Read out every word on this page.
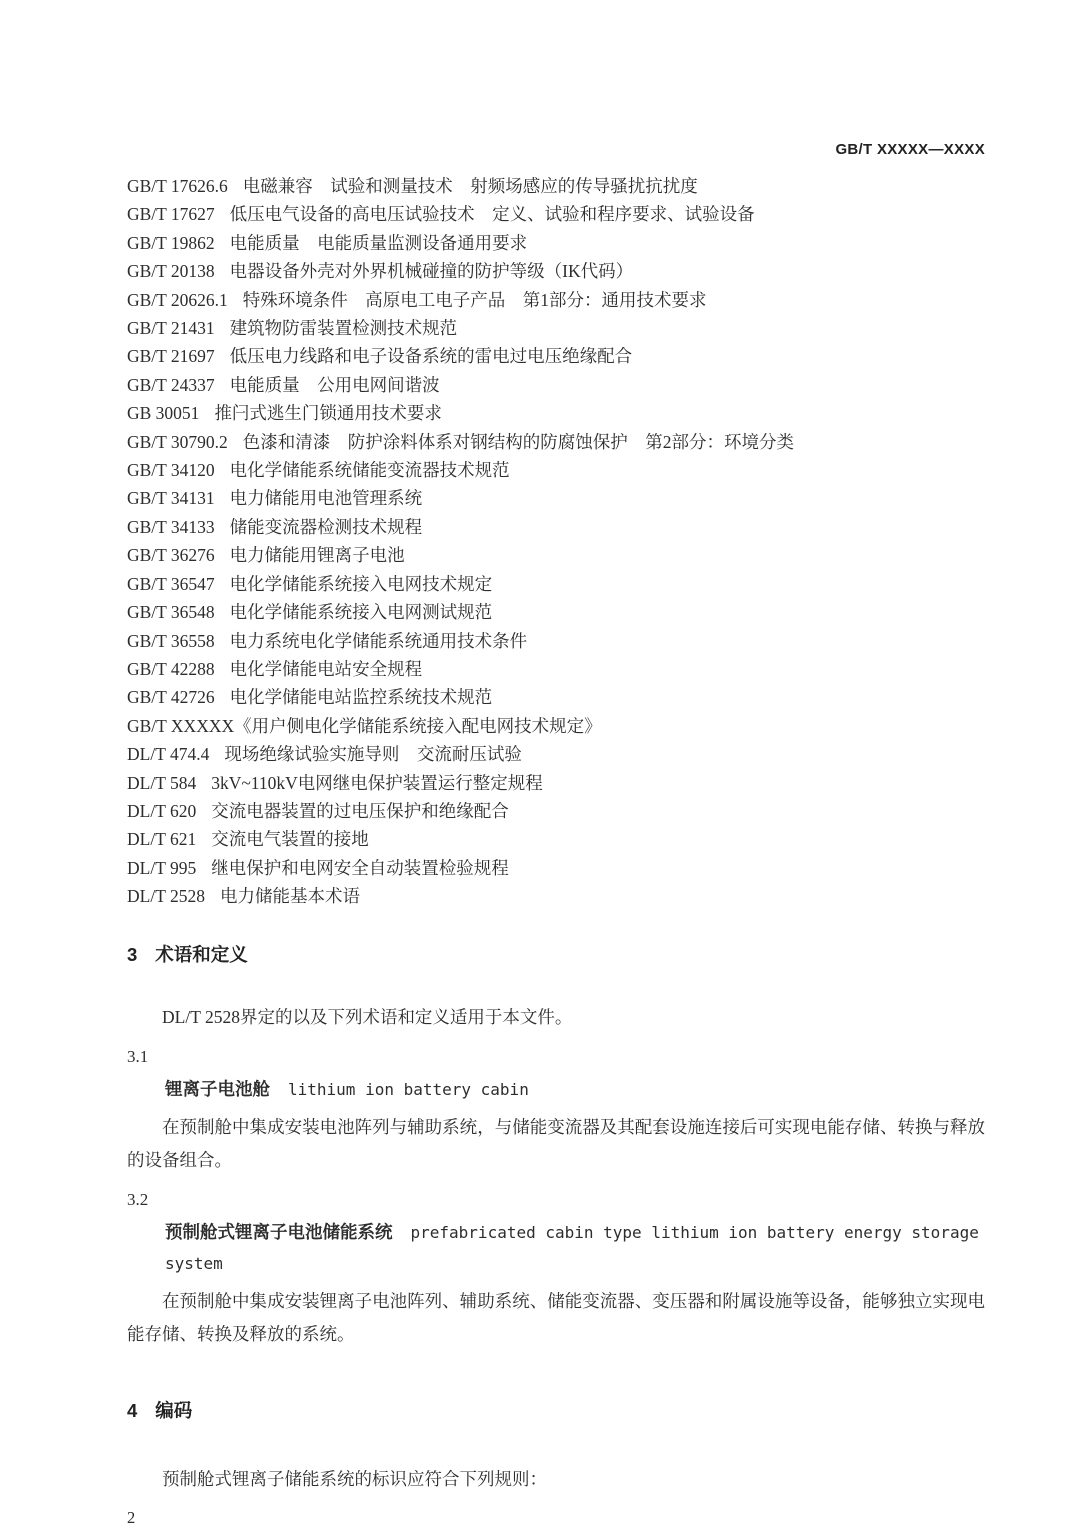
GB/T XXXXX—XXXX
GB/T 17626.6 电磁兼容　试验和测量技术　射频场感应的传导骚扰抗扰度
GB/T 17627 低压电气设备的高电压试验技术　定义、试验和程序要求、试验设备
GB/T 19862 电能质量　电能质量监测设备通用要求
GB/T 20138 电器设备外壳对外界机械碰撞的防护等级（IK代码）
GB/T 20626.1 特殊环境条件　高原电工电子产品　第1部分：通用技术要求
GB/T 21431 建筑物防雷装置检测技术规范
GB/T 21697 低压电力线路和电子设备系统的雷电过电压绝缘配合
GB/T 24337 电能质量　公用电网间谐波
GB 30051 推闩式逃生门锁通用技术要求
GB/T 30790.2 色漆和清漆　防护涂料体系对钢结构的防腐蚀保护　第2部分：环境分类
GB/T 34120 电化学储能系统储能变流器技术规范
GB/T 34131 电力储能用电池管理系统
GB/T 34133 储能变流器检测技术规程
GB/T 36276 电力储能用锂离子电池
GB/T 36547 电化学储能系统接入电网技术规定
GB/T 36548 电化学储能系统接入电网测试规范
GB/T 36558 电力系统电化学储能系统通用技术条件
GB/T 42288 电化学储能电站安全规程
GB/T 42726 电化学储能电站监控系统技术规范
GB/T XXXXX《用户侧电化学储能系统接入配电网技术规定》
DL/T 474.4 现场绝缘试验实施导则　交流耐压试验
DL/T 584 3kV~110kV电网继电保护装置运行整定规程
DL/T 620 交流电器装置的过电压保护和绝缘配合
DL/T 621 交流电气装置的接地
DL/T 995 继电保护和电网安全自动装置检验规程
DL/T 2528 电力储能基本术语
3 术语和定义

DL/T 2528界定的以及下列术语和定义适用于本文件。

3.1
锂离子电池舱 lithium ion battery cabin

在预制舱中集成安装电池阵列与辅助系统，与储能变流器及其配套设施连接后可实现电能存储、转换与释放的设备组合。

3.2
预制舱式锂离子电池储能系统 prefabricated cabin type lithium ion battery energy storage system

在预制舱中集成安装锂离子电池阵列、辅助系统、储能变流器、变压器和附属设施等设备，能够独立实现电能存储、转换及释放的系统。

4 编码

预制舱式锂离子储能系统的标识应符合下列规则：

2
